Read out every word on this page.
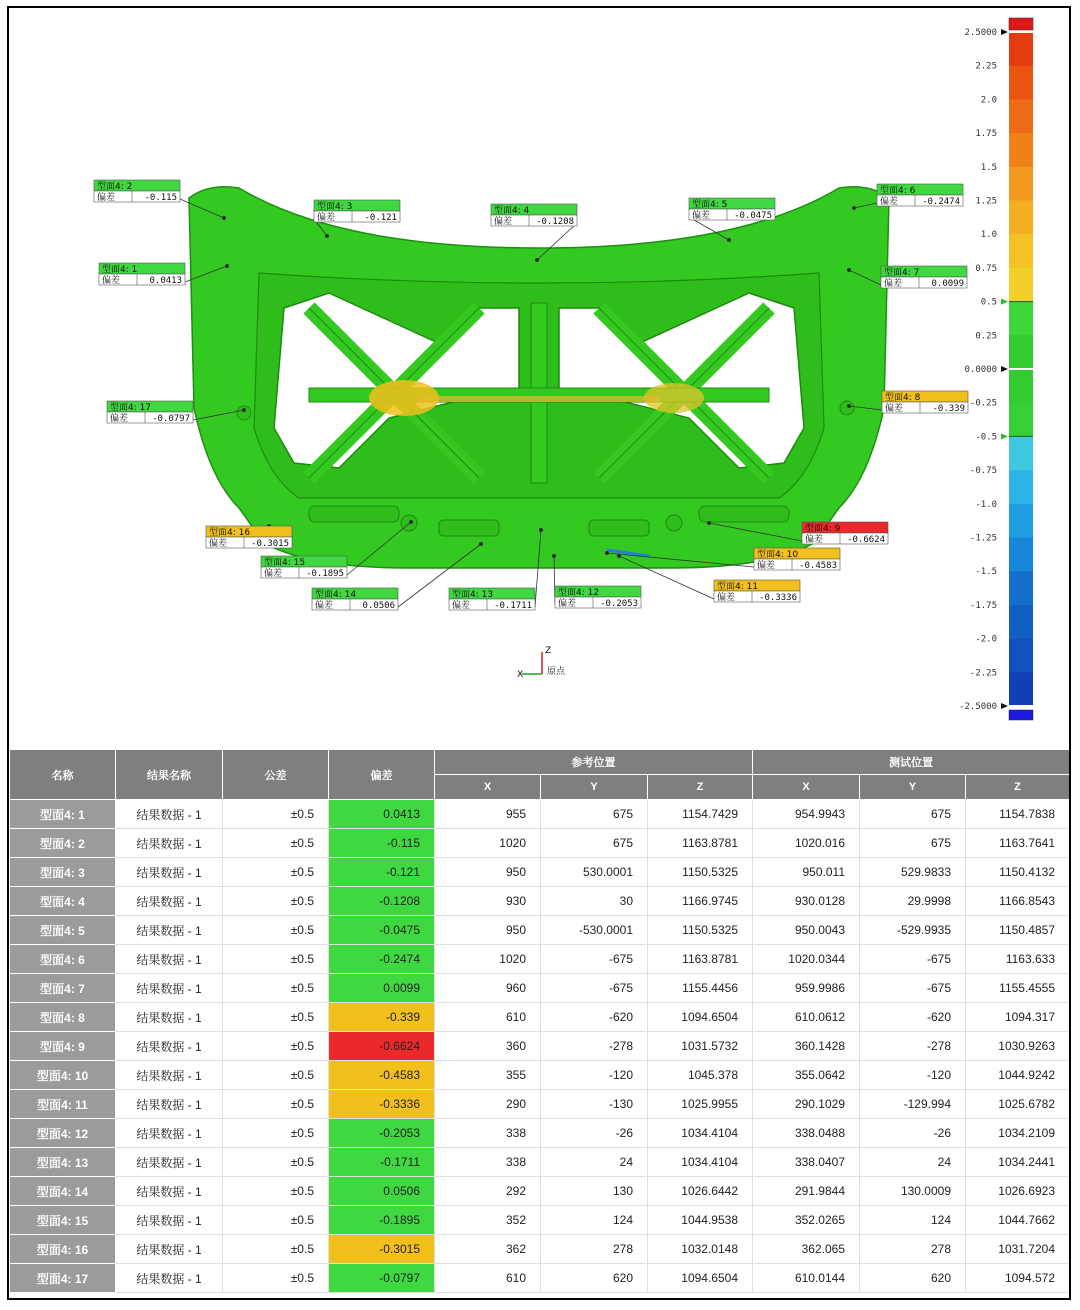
型面4: 1
偏差	0.0413
型面4: 2
偏差	-0.115
型面4: 3
偏差	-0.121
型面4: 4
偏差	-0.1208
型面4: 5
偏差	-0.0475
型面4: 6
偏差	-0.2474
型面4: 7
偏差	0.0099
型面4: 8
偏差	-0.339
型面4: 9
偏差	-0.6624
型面4: 10
偏差	-0.4583
型面4: 11
偏差	-0.3336
型面4: 12
偏差	-0.2053
型面4: 13
偏差	-0.1711
型面4: 14
偏差	0.0506
型面4: 15
偏差	-0.1895
型面4: 16
偏差	-0.3015
型面4: 17
偏差	-0.0797
2.5000
2.25
2.0
1.75
1.5
1.25
1.0
0.75
0.5
0.25
0.0000
-0.25
-0.5
-0.75
-1.0
-1.25
-1.5
-1.75
-2.0
-2.25
-2.5000
Z
X	原点
名称	结果名称	公差	偏差	参考位置			测试位置		
				X	Y	Z	X	Y	Z
型面4: 1	结果数据 - 1	±0.5	0.0413	955	675	1154.7429	954.9943	675	1154.7838
型面4: 2	结果数据 - 1	±0.5	-0.115	1020	675	1163.8781	1020.016	675	1163.7641
型面4: 3	结果数据 - 1	±0.5	-0.121	950	530.0001	1150.5325	950.011	529.9833	1150.4132
型面4: 4	结果数据 - 1	±0.5	-0.1208	930	30	1166.9745	930.0128	29.9998	1166.8543
型面4: 5	结果数据 - 1	±0.5	-0.0475	950	-530.0001	1150.5325	950.0043	-529.9935	1150.4857
型面4: 6	结果数据 - 1	±0.5	-0.2474	1020	-675	1163.8781	1020.0344	-675	1163.633
型面4: 7	结果数据 - 1	±0.5	0.0099	960	-675	1155.4456	959.9986	-675	1155.4555
型面4: 8	结果数据 - 1	±0.5	-0.339	610	-620	1094.6504	610.0612	-620	1094.317
型面4: 9	结果数据 - 1	±0.5	-0.6624	360	-278	1031.5732	360.1428	-278	1030.9263
型面4: 10	结果数据 - 1	±0.5	-0.4583	355	-120	1045.378	355.0642	-120	1044.9242
型面4: 11	结果数据 - 1	±0.5	-0.3336	290	-130	1025.9955	290.1029	-129.994	1025.6782
型面4: 12	结果数据 - 1	±0.5	-0.2053	338	-26	1034.4104	338.0488	-26	1034.2109
型面4: 13	结果数据 - 1	±0.5	-0.1711	338	24	1034.4104	338.0407	24	1034.2441
型面4: 14	结果数据 - 1	±0.5	0.0506	292	130	1026.6442	291.9844	130.0009	1026.6923
型面4: 15	结果数据 - 1	±0.5	-0.1895	352	124	1044.9538	352.0265	124	1044.7662
型面4: 16	结果数据 - 1	±0.5	-0.3015	362	278	1032.0148	362.065	278	1031.7204
型面4: 17	结果数据 - 1	±0.5	-0.0797	610	620	1094.6504	610.0144	620	1094.572
